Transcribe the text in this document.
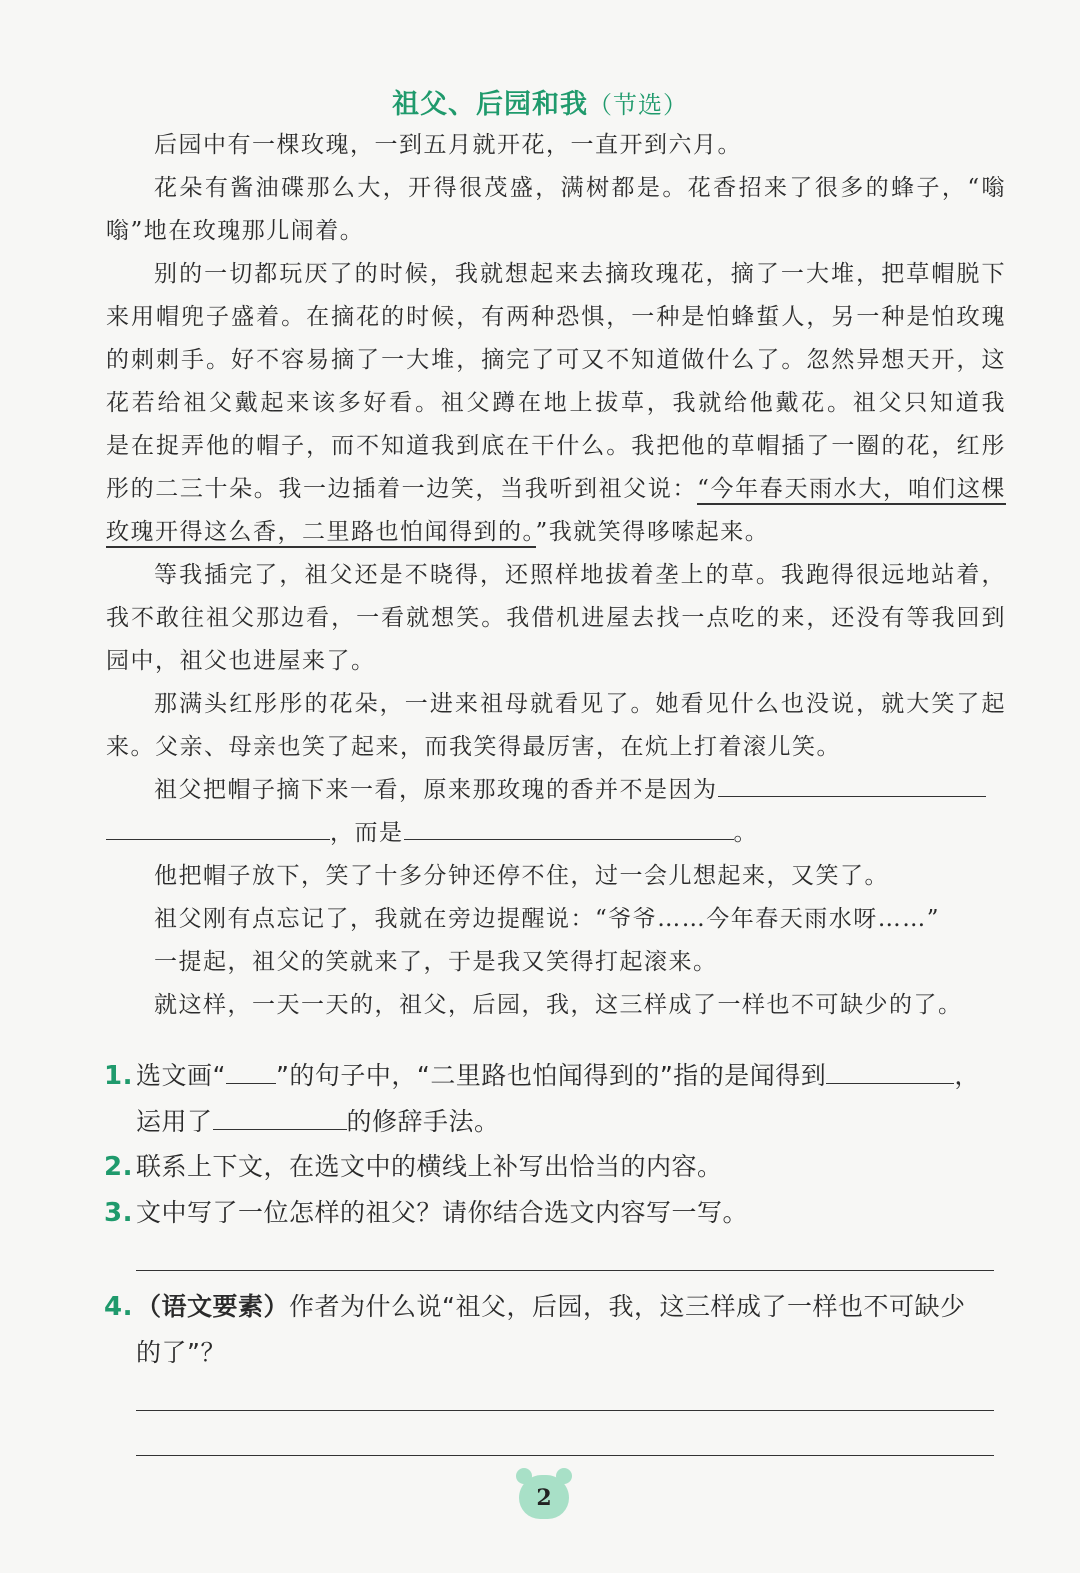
祖父、后园和我（节选）
后园中有一棵玫瑰，一到五月就开花，一直开到六月。
花朵有酱油碟那么大，开得很茂盛，满树都是。花香招来了很多的蜂子，“嗡
嗡”地在玫瑰那儿闹着。
别的一切都玩厌了的时候，我就想起来去摘玫瑰花，摘了一大堆，把草帽脱下
来用帽兜子盛着。在摘花的时候，有两种恐惧，一种是怕蜂蜇人，另一种是怕玫瑰
的刺刺手。好不容易摘了一大堆，摘完了可又不知道做什么了。忽然异想天开，这
花若给祖父戴起来该多好看。祖父蹲在地上拔草，我就给他戴花。祖父只知道我
是在捉弄他的帽子，而不知道我到底在干什么。我把他的草帽插了一圈的花，红彤
彤的二三十朵。我一边插着一边笑，当我听到祖父说：“今年春天雨水大，咱们这棵
玫瑰开得这么香，二里路也怕闻得到的。”我就笑得哆嗦起来。
等我插完了，祖父还是不晓得，还照样地拔着垄上的草。我跑得很远地站着，
我不敢往祖父那边看，一看就想笑。我借机进屋去找一点吃的来，还没有等我回到
园中，祖父也进屋来了。
那满头红彤彤的花朵，一进来祖母就看见了。她看见什么也没说，就大笑了起
来。父亲、母亲也笑了起来，而我笑得最厉害，在炕上打着滚儿笑。
祖父把帽子摘下来一看，原来那玫瑰的香并不是因为
，而是	。
他把帽子放下，笑了十多分钟还停不住，过一会儿想起来，又笑了。
祖父刚有点忘记了，我就在旁边提醒说：“爷爷……今年春天雨水呀……”
一提起，祖父的笑就来了，于是我又笑得打起滚来。
就这样，一天一天的，祖父，后园，我，这三样成了一样也不可缺少的了。
1. 选文画“ ”的句子中，“二里路也怕闻得到的”指的是闻得到	，
运用了	的修辞手法。
2. 联系上下文，在选文中的横线上补写出恰当的内容。
3. 文中写了一位怎样的祖父？请你结合选文内容写一写。
4. （语文要素）作者为什么说“祖父，后园，我，这三样成了一样也不可缺少
的了”？
2
